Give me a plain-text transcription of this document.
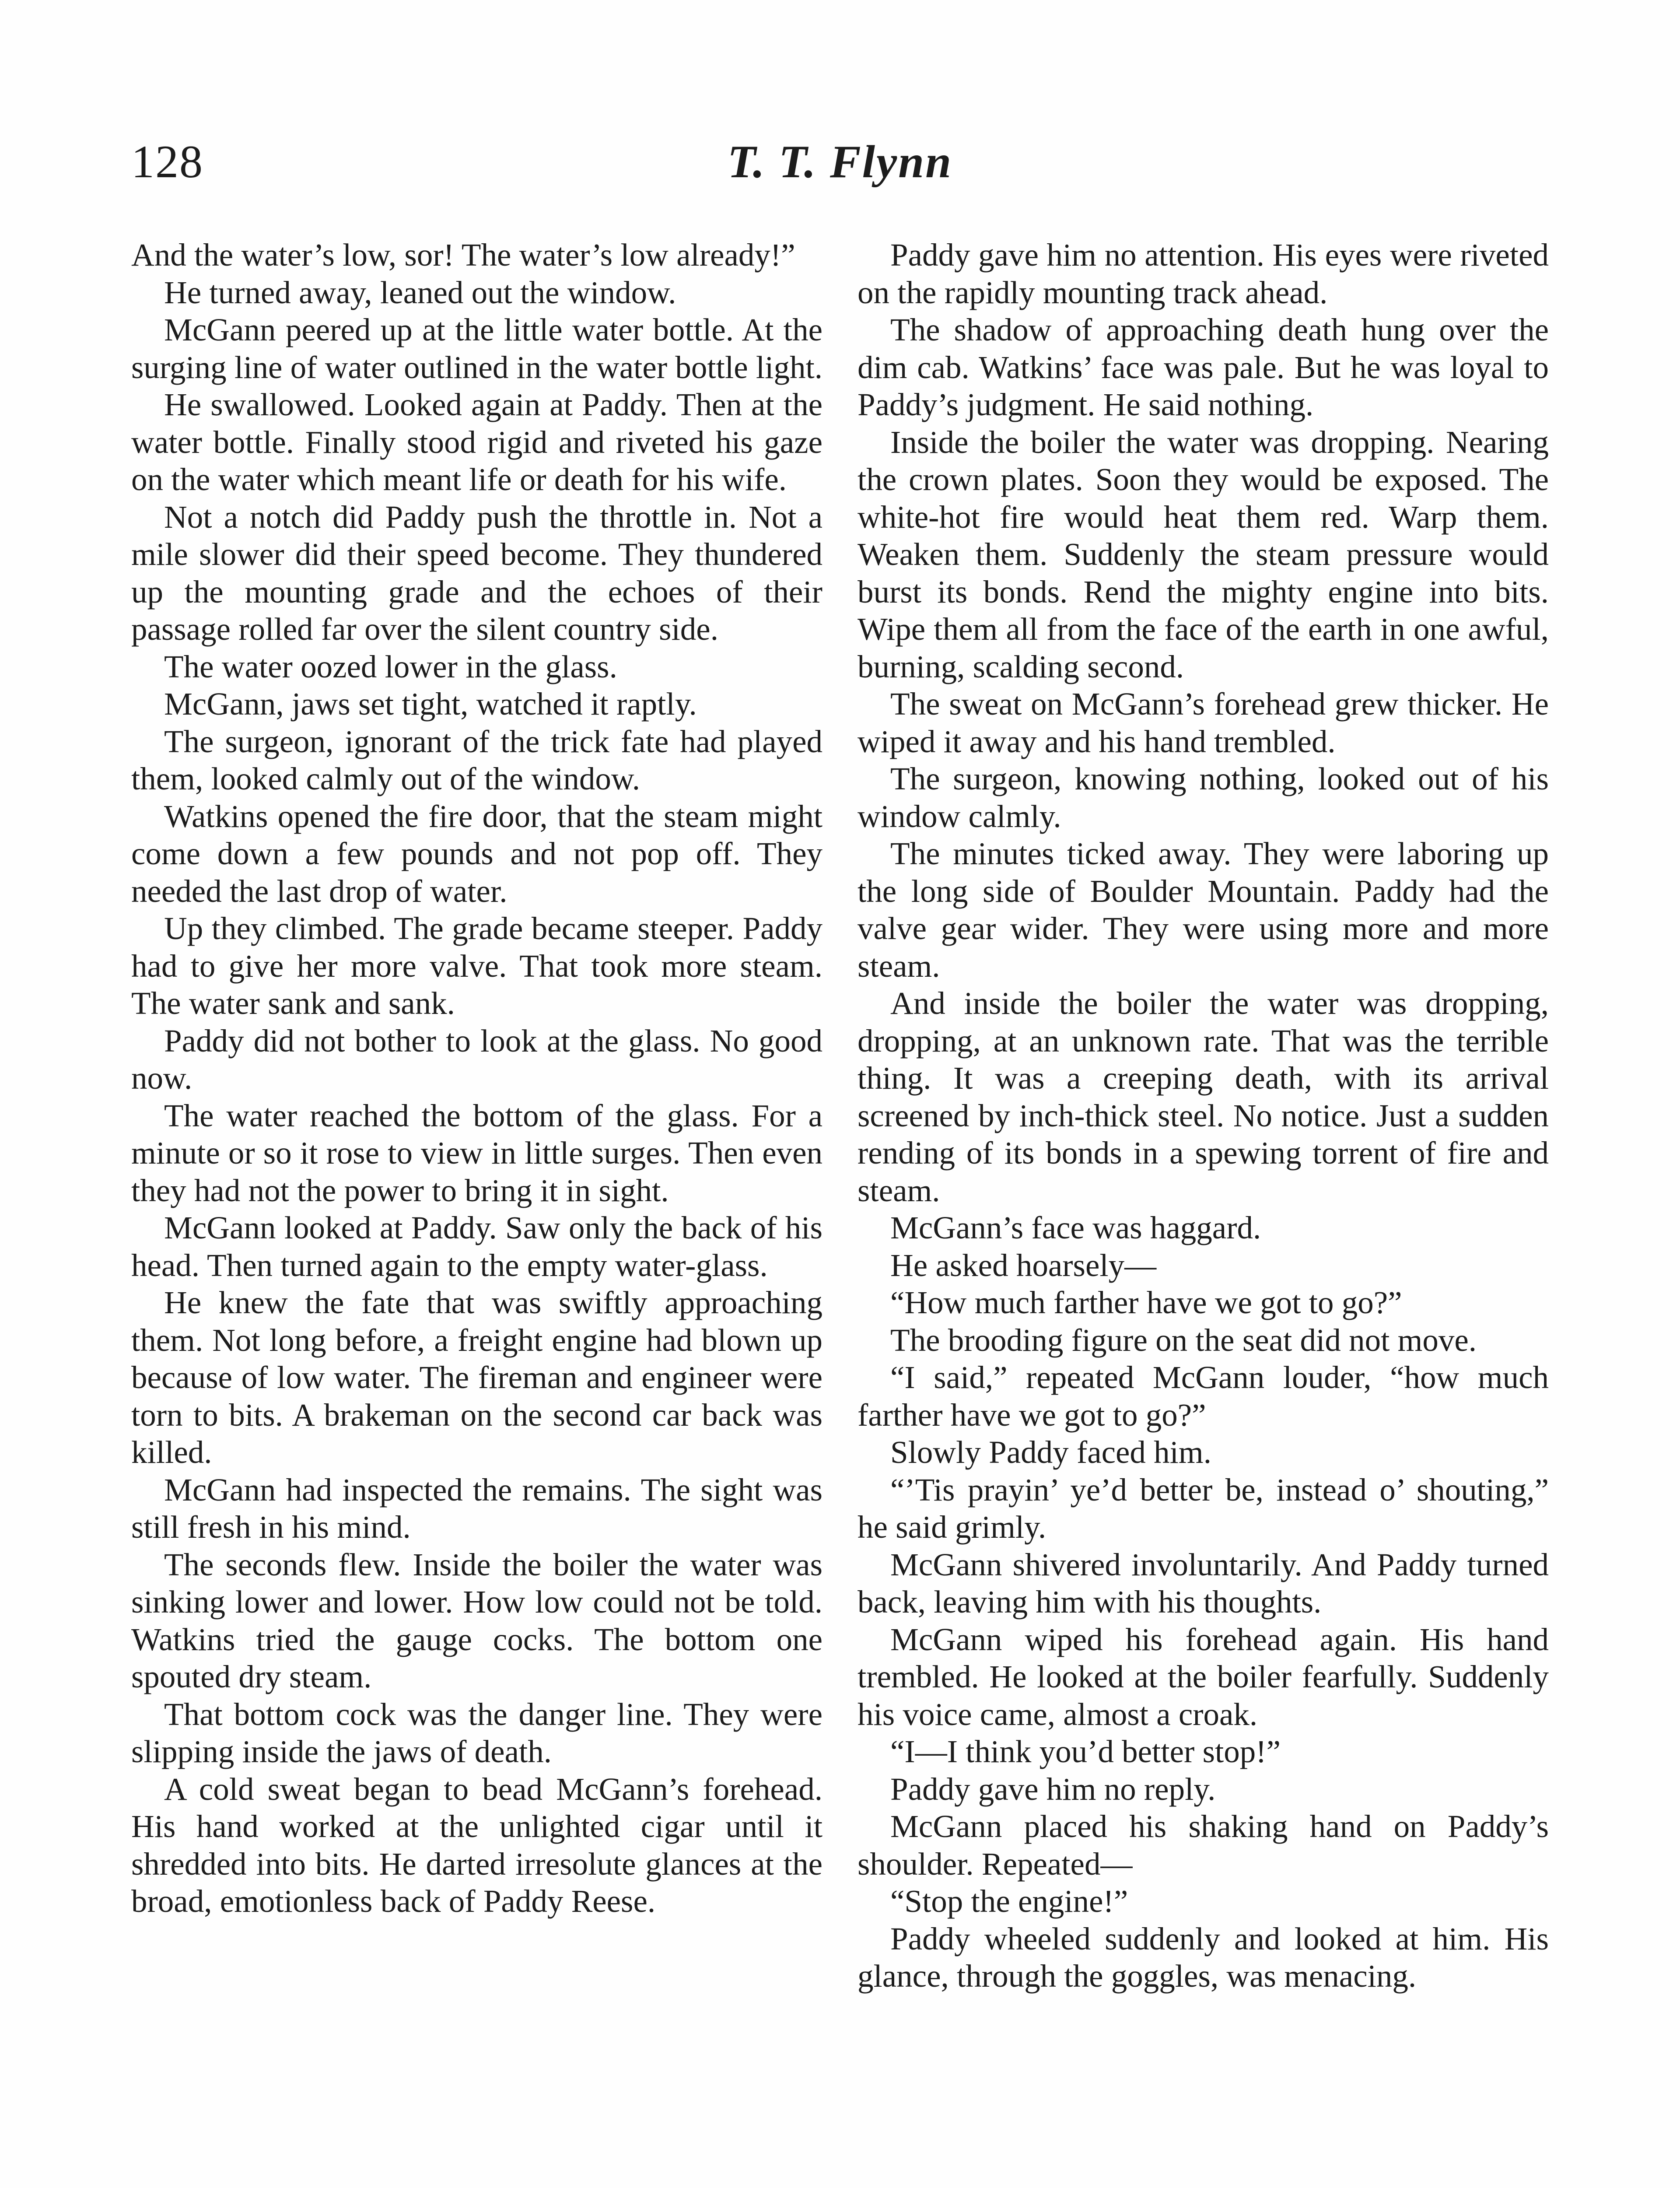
128	T. T. Flynn

And the water’s low, sor! The water’s low already!”

He turned away, leaned out the window.

McGann peered up at the little water bottle. At the surging line of water outlined in the water bottle light.

He swallowed. Looked again at Paddy. Then at the water bottle. Finally stood rigid and riveted his gaze on the water which meant life or death for his wife.

Not a notch did Paddy push the throttle in. Not a mile slower did their speed become. They thundered up the mounting grade and the echoes of their passage rolled far over the silent country side.

The water oozed lower in the glass.

McGann, jaws set tight, watched it raptly.

The surgeon, ignorant of the trick fate had played them, looked calmly out of the window.

Watkins opened the fire door, that the steam might come down a few pounds and not pop off. They needed the last drop of water.

Up they climbed. The grade became steeper. Paddy had to give her more valve. That took more steam. The water sank and sank.

Paddy did not bother to look at the glass. No good now.

The water reached the bottom of the glass. For a minute or so it rose to view in little surges. Then even they had not the power to bring it in sight.

McGann looked at Paddy. Saw only the back of his head. Then turned again to the empty water-glass.

He knew the fate that was swiftly approaching them. Not long before, a freight engine had blown up because of low water. The fireman and engineer were torn to bits. A brakeman on the second car back was killed.

McGann had inspected the remains. The sight was still fresh in his mind.

The seconds flew. Inside the boiler the water was sinking lower and lower. How low could not be told. Watkins tried the gauge cocks. The bottom one spouted dry steam.

That bottom cock was the danger line. They were slipping inside the jaws of death.

A cold sweat began to bead McGann’s forehead. His hand worked at the unlighted cigar until it shredded into bits. He darted irresolute glances at the broad, emotionless back of Paddy Reese.

Paddy gave him no attention. His eyes were riveted on the rapidly mounting track ahead.

The shadow of approaching death hung over the dim cab. Watkins’ face was pale. But he was loyal to Paddy’s judgment. He said nothing.

Inside the boiler the water was dropping. Nearing the crown plates. Soon they would be exposed. The white-hot fire would heat them red. Warp them. Weaken them. Suddenly the steam pressure would burst its bonds. Rend the mighty engine into bits. Wipe them all from the face of the earth in one awful, burning, scalding second.

The sweat on McGann’s forehead grew thicker. He wiped it away and his hand trembled.

The surgeon, knowing nothing, looked out of his window calmly.

The minutes ticked away. They were laboring up the long side of Boulder Mountain. Paddy had the valve gear wider. They were using more and more steam.

And inside the boiler the water was dropping, dropping, at an unknown rate. That was the terrible thing. It was a creeping death, with its arrival screened by inch-thick steel. No notice. Just a sudden rending of its bonds in a spewing torrent of fire and steam.

McGann’s face was haggard.

He asked hoarsely—

“How much farther have we got to go?”

The brooding figure on the seat did not move.

“I said,” repeated McGann louder, “how much farther have we got to go?”

Slowly Paddy faced him.

“’Tis prayin’ ye’d better be, instead o’ shouting,” he said grimly.

McGann shivered involuntarily. And Paddy turned back, leaving him with his thoughts.

McGann wiped his forehead again. His hand trembled. He looked at the boiler fearfully. Suddenly his voice came, almost a croak.

“I—I think you’d better stop!”

Paddy gave him no reply.

McGann placed his shaking hand on Paddy’s shoulder. Repeated—

“Stop the engine!”

Paddy wheeled suddenly and looked at him. His glance, through the goggles, was menacing.
